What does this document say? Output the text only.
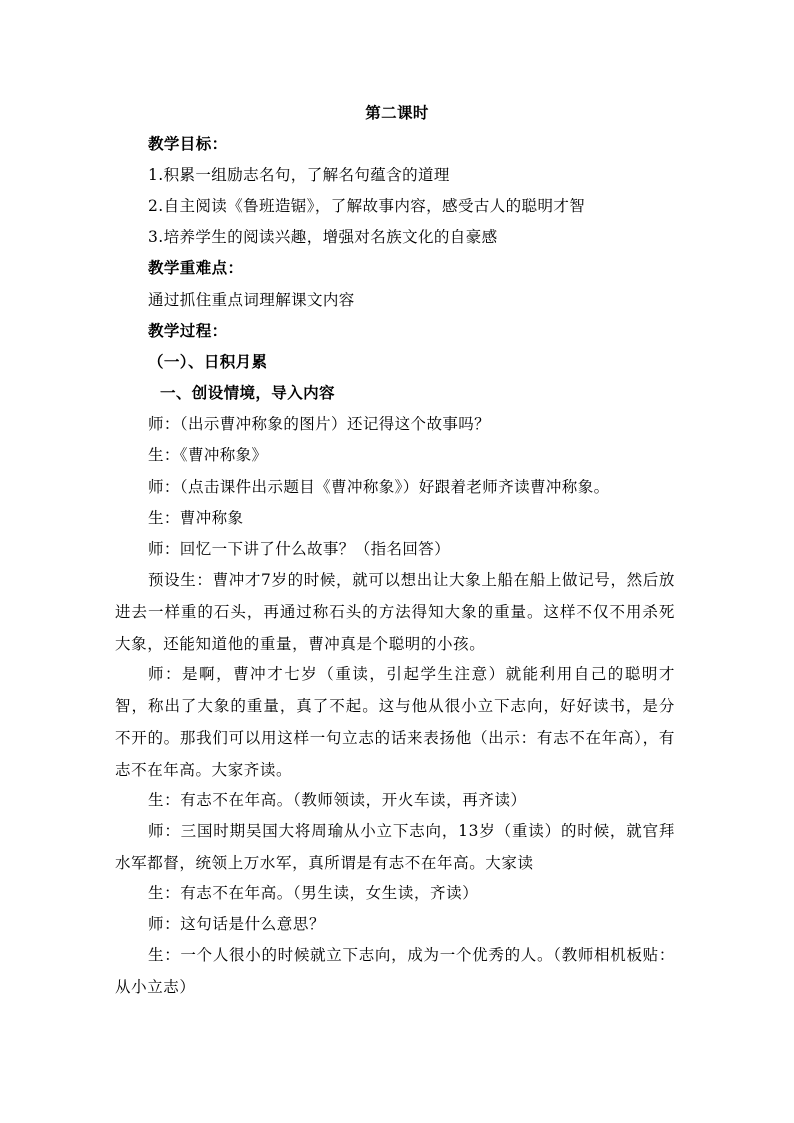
第二课时
教学目标：
1.积累一组励志名句，了解名句蕴含的道理
2.自主阅读《鲁班造锯》，了解故事内容，感受古人的聪明才智
3.培养学生的阅读兴趣，增强对名族文化的自豪感
教学重难点：
通过抓住重点词理解课文内容
教学过程：
（一）、日积月累
一、创设情境，导入内容
师：（出示曹冲称象的图片）还记得这个故事吗？
生：《曹冲称象》
师：（点击课件出示题目《曹冲称象》）好跟着老师齐读曹冲称象。
生：曹冲称象
师：回忆一下讲了什么故事？（指名回答）
预设生：曹冲才7岁的时候，就可以想出让大象上船在船上做记号，然后放进去一样重的石头，再通过称石头的方法得知大象的重量。这样不仅不用杀死大象，还能知道他的重量，曹冲真是个聪明的小孩。
师：是啊，曹冲才七岁（重读，引起学生注意）就能利用自己的聪明才智，称出了大象的重量，真了不起。这与他从很小立下志向，好好读书，是分不开的。那我们可以用这样一句立志的话来表扬他（出示：有志不在年高），有志不在年高。大家齐读。
生：有志不在年高。（教师领读，开火车读，再齐读）
师：三国时期吴国大将周瑜从小立下志向，13岁（重读）的时候，就官拜水军都督，统领上万水军，真所谓是有志不在年高。大家读
生：有志不在年高。（男生读，女生读，齐读）
师：这句话是什么意思？
生：一个人很小的时候就立下志向，成为一个优秀的人。（教师相机板贴：从小立志）
